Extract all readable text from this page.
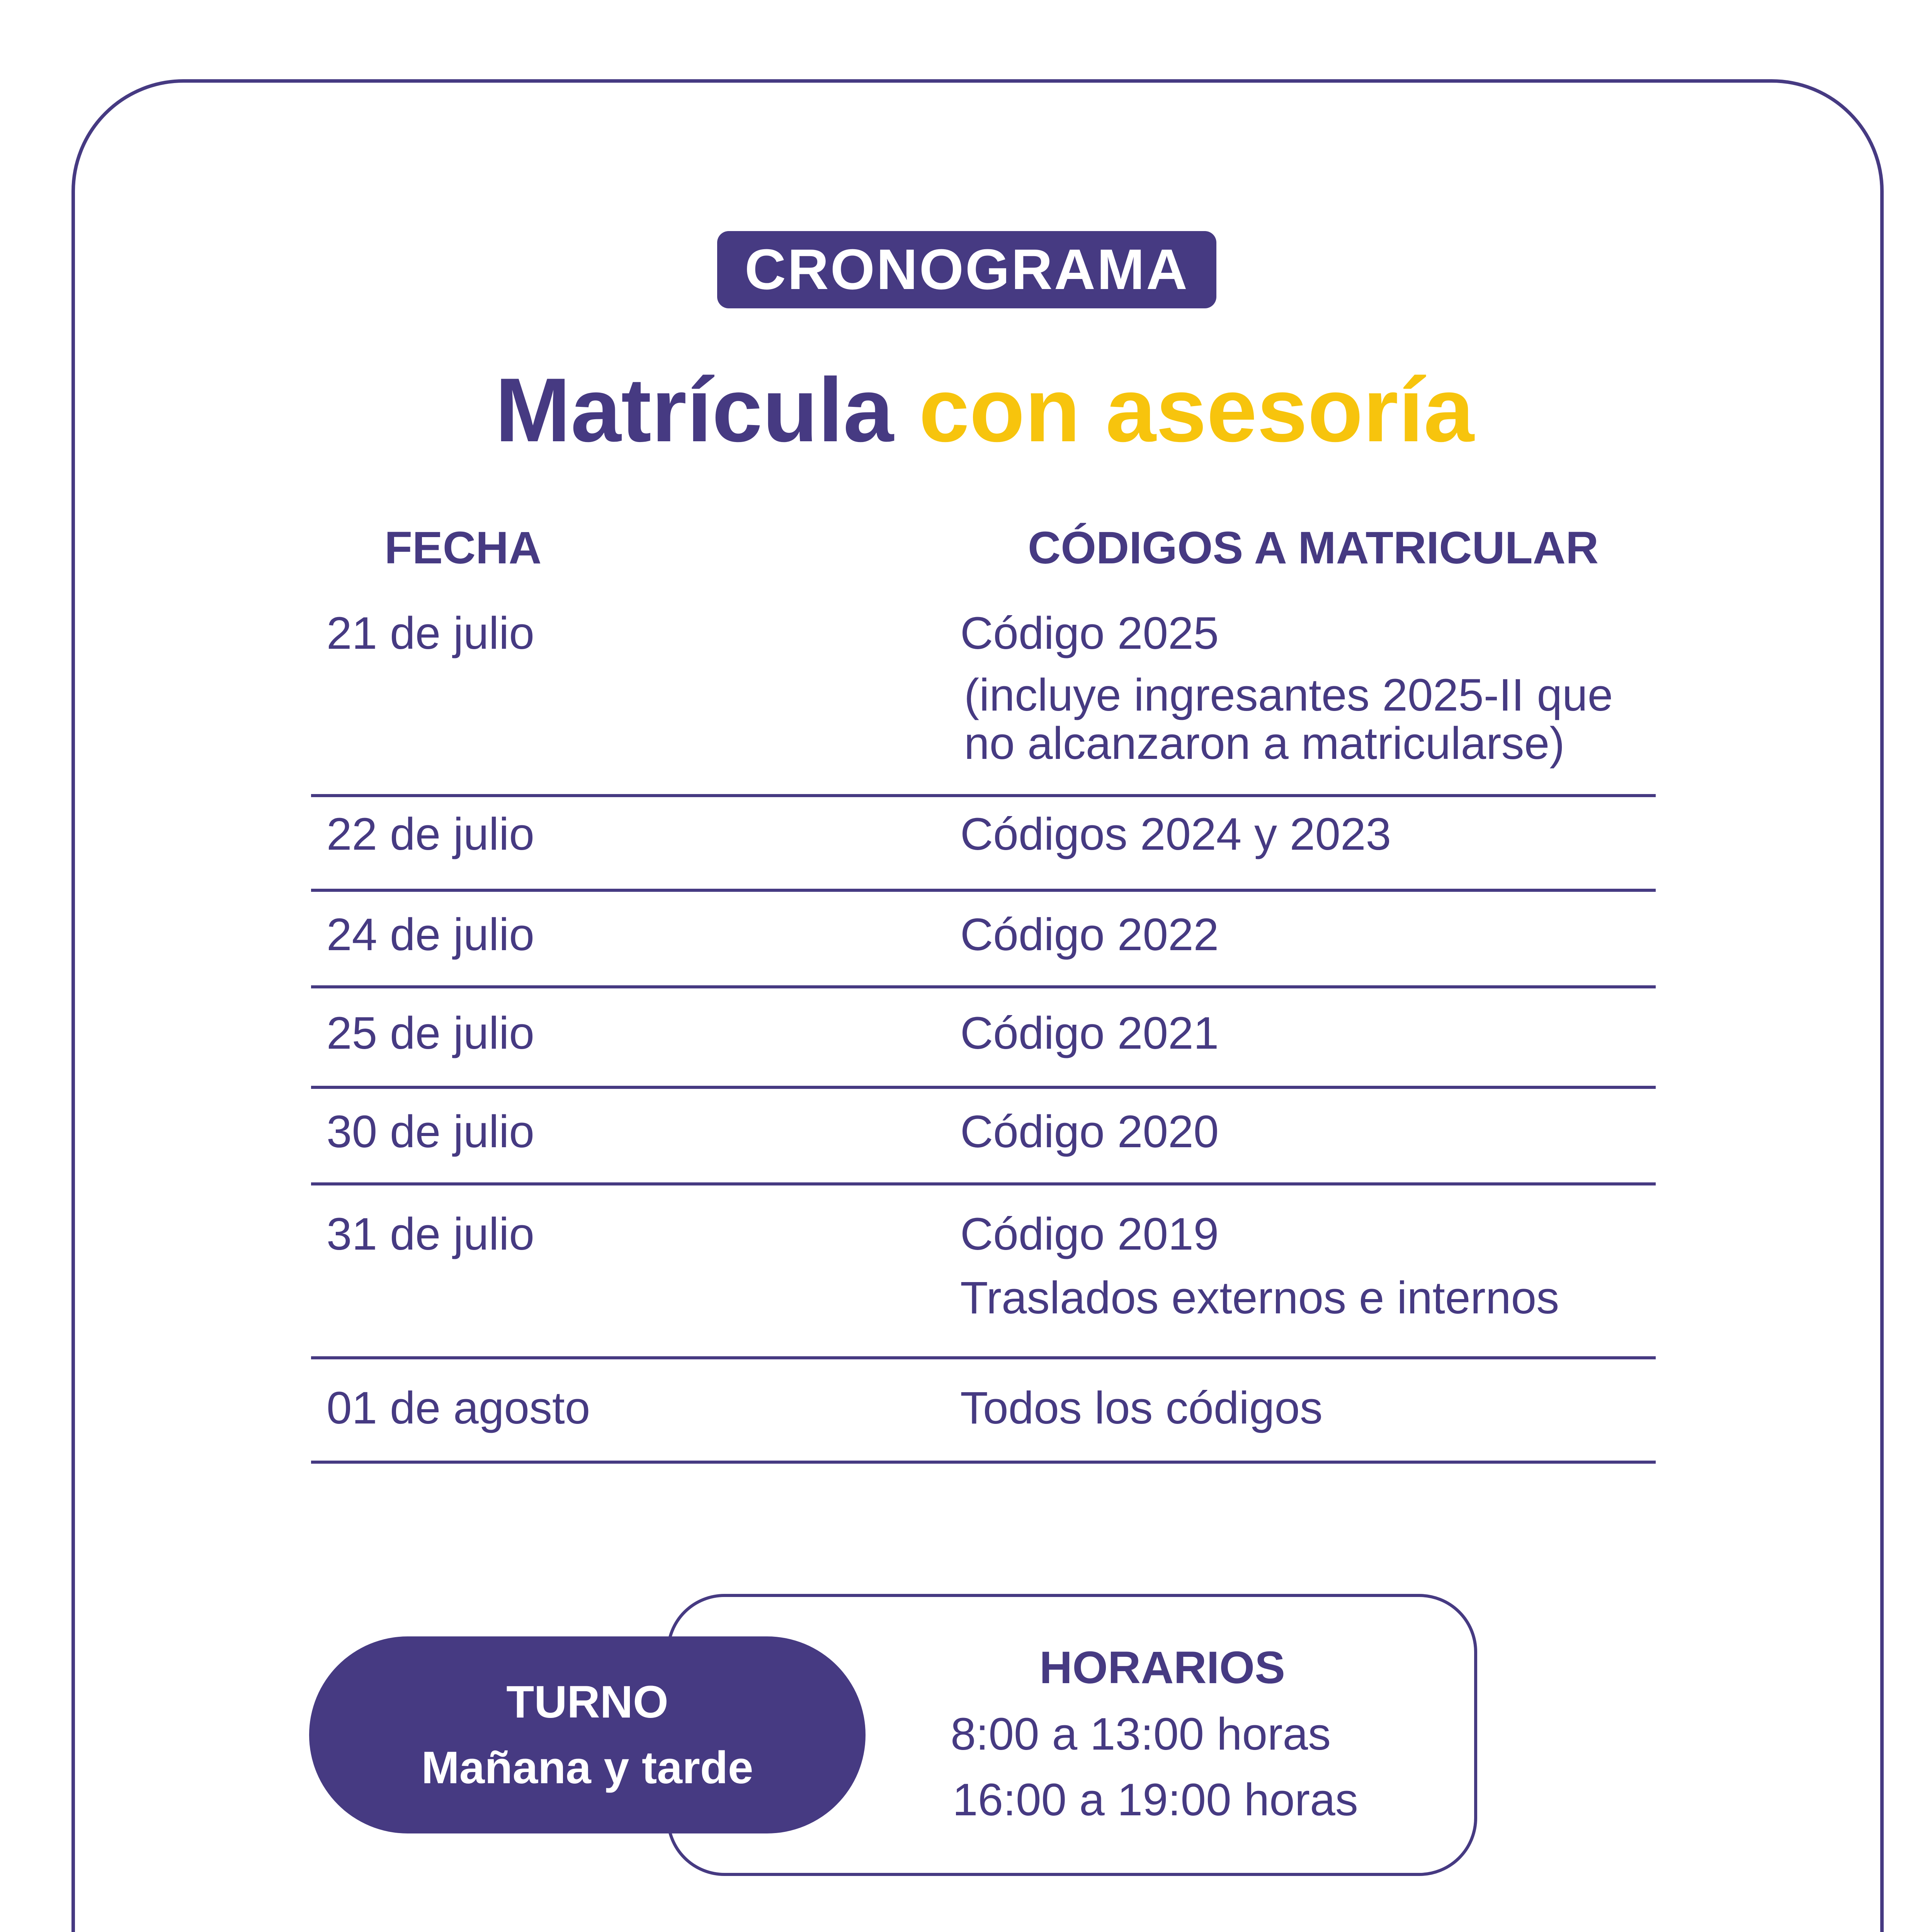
CRONOGRAMA
Matrícula con asesoría
FECHA	CÓDIGOS A MATRICULAR
21 de julio	Código 2025
(incluye ingresantes 2025-II que
no alcanzaron a matricularse)
22 de julio	Códigos 2024 y 2023
24 de julio	Código 2022
25 de julio	Código 2021
30 de julio	Código 2020
31 de julio	Código 2019
Traslados externos e internos
01 de agosto	Todos los códigos
HORARIOS
8:00 a 13:00 horas
16:00 a 19:00 horas
TURNO
Mañana y tarde
